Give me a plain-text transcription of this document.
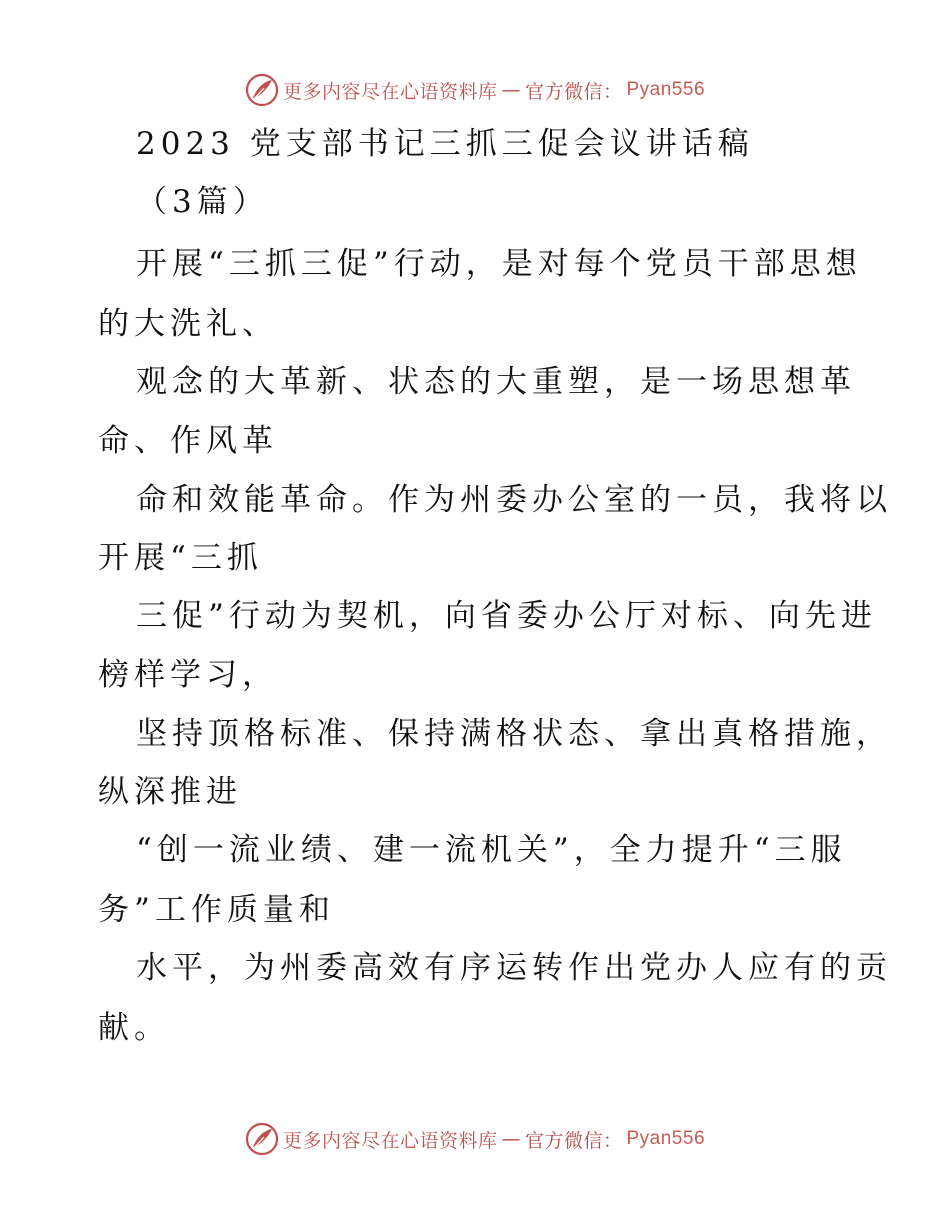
更多内容尽在心语资料库 — 官方微信： Pyan556
2023 党支部书记三抓三促会议讲话稿
（3篇）
开展“三抓三促”行动，是对每个党员干部思想
的大洗礼、
观念的大革新、状态的大重塑，是一场思想革
命、作风革
命和效能革命。作为州委办公室的一员，我将以
开展“三抓
三促”行动为契机，向省委办公厅对标、向先进
榜样学习，
坚持顶格标准、保持满格状态、拿出真格措施，
纵深推进
“创一流业绩、建一流机关”，全力提升“三服
务”工作质量和
水平，为州委高效有序运转作出党办人应有的贡
献。
更多内容尽在心语资料库 — 官方微信： Pyan556
